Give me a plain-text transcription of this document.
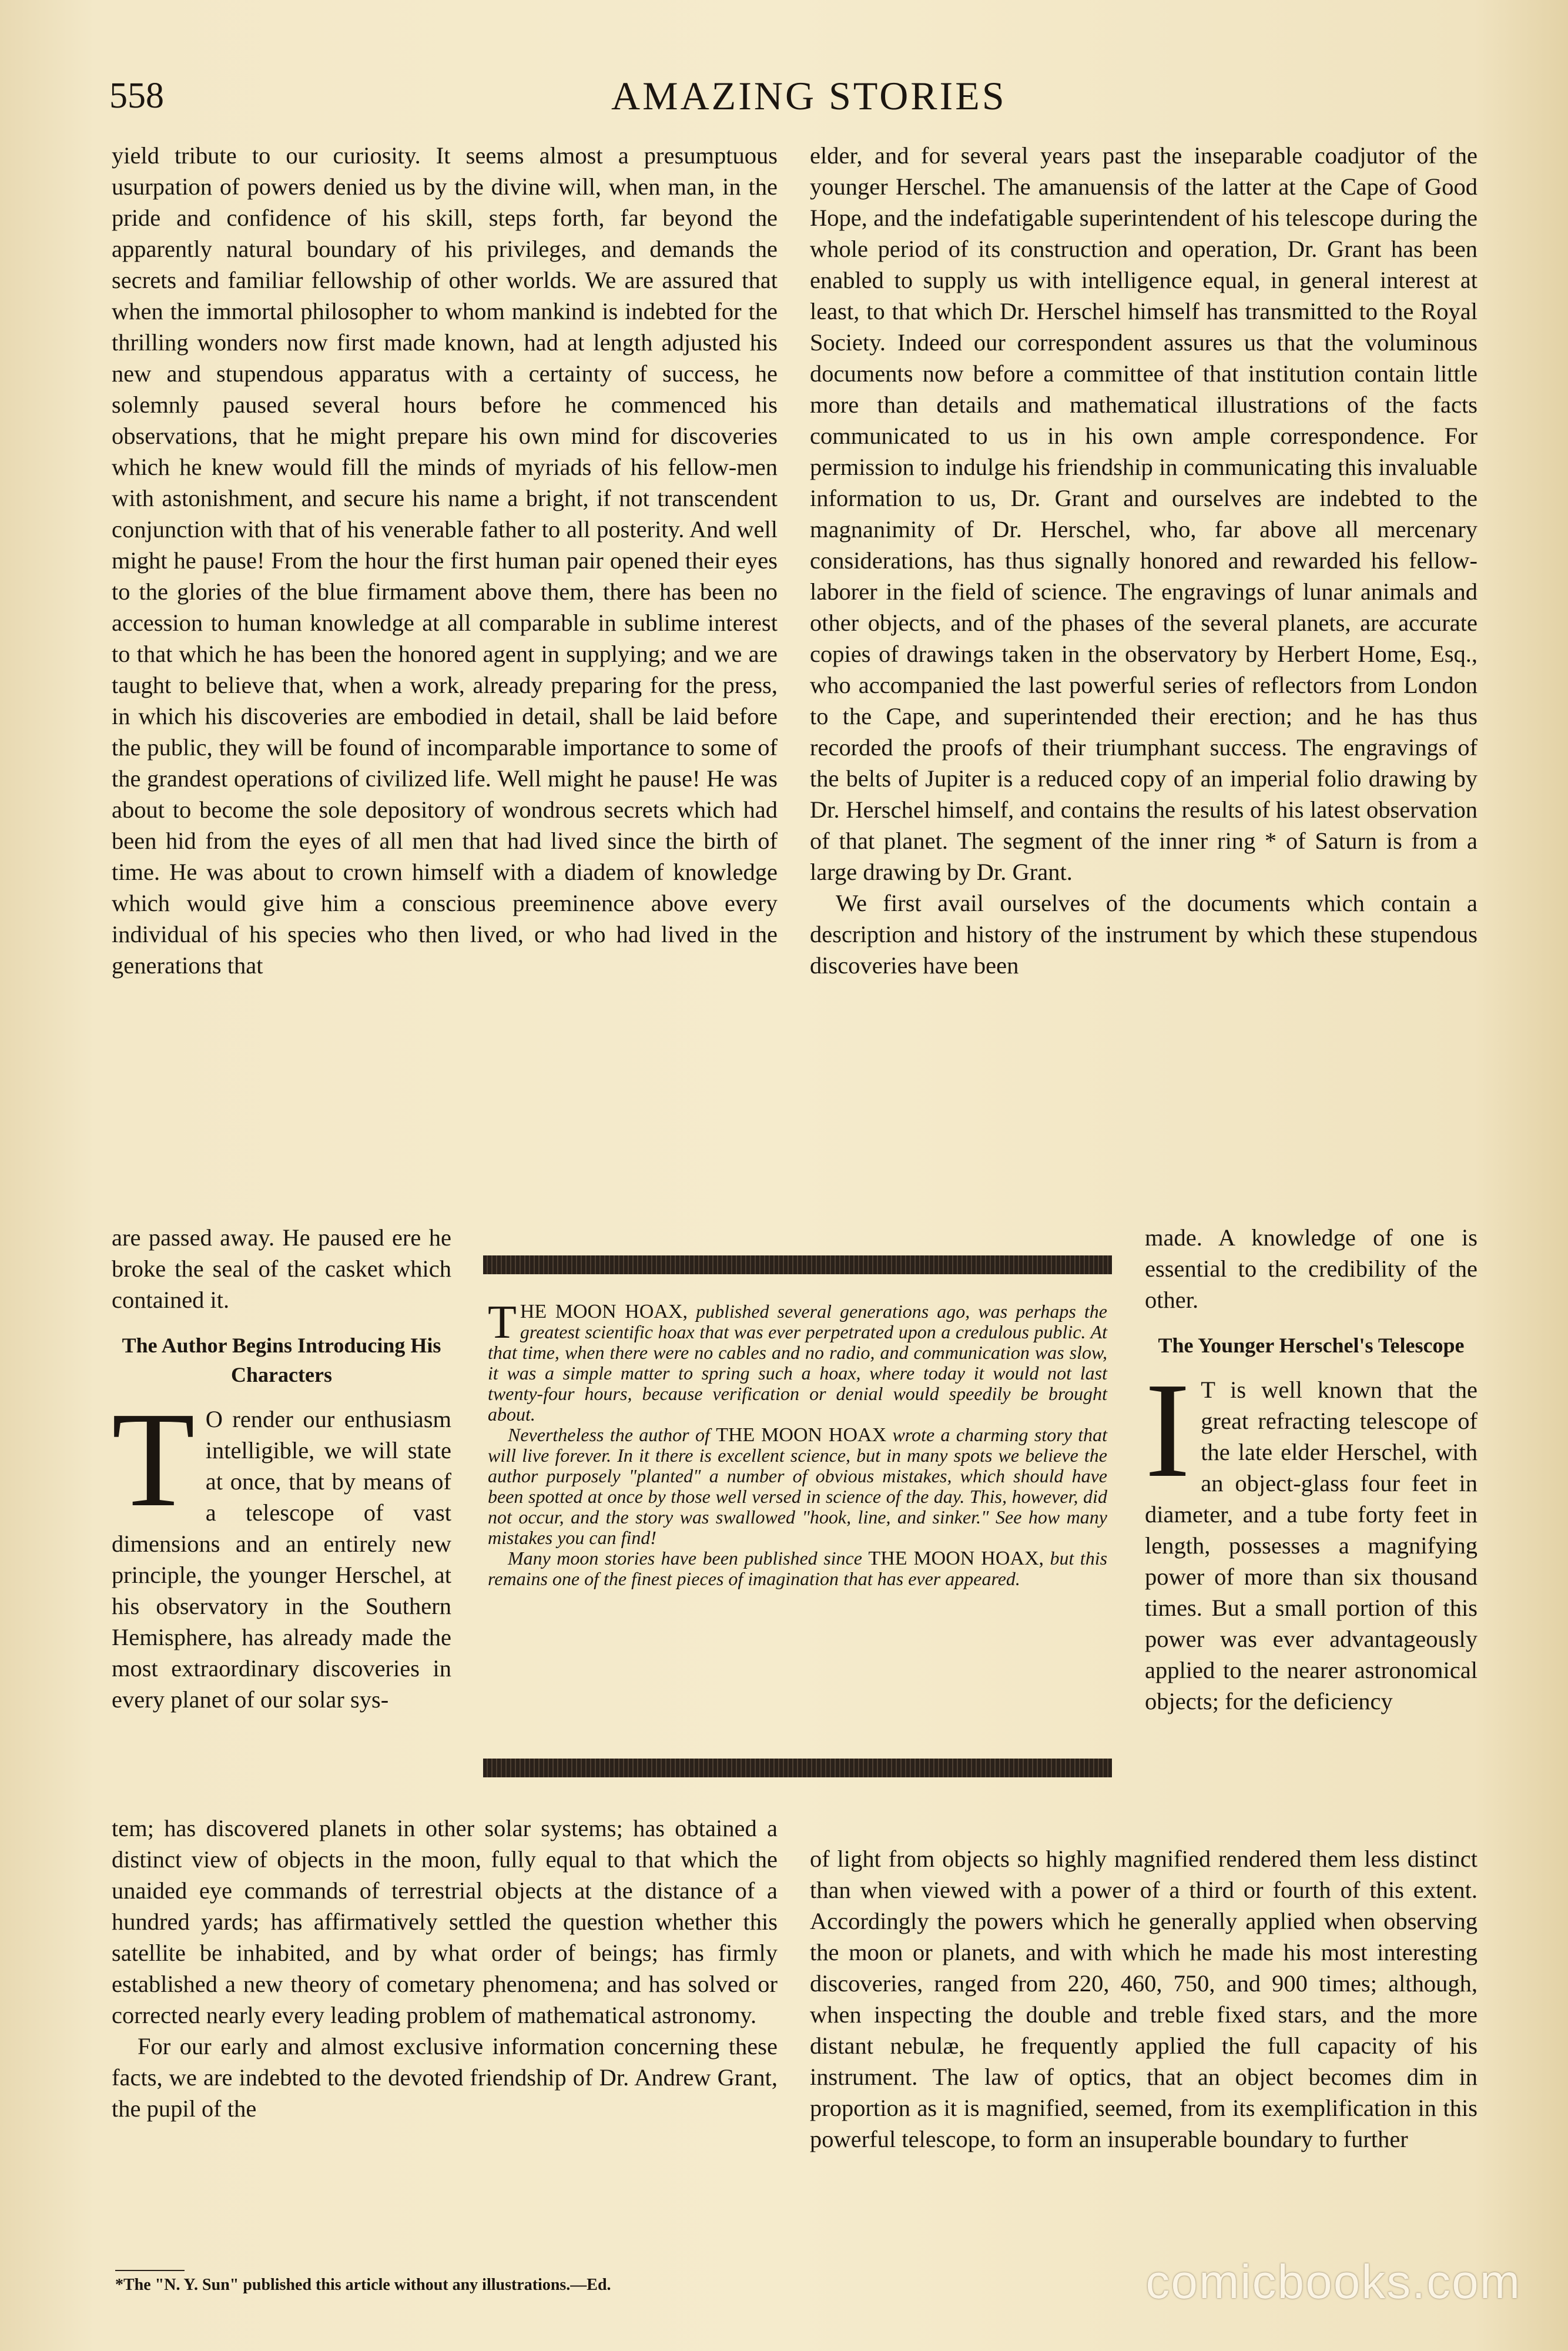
558	AMAZING STORIES

yield tribute to our curiosity. It seems almost a presumptuous usurpation of powers denied us by the divine will, when man, in the pride and confidence of his skill, steps forth, far beyond the apparently natural boundary of his privileges, and demands the secrets and familiar fellowship of other worlds. We are assured that when the immortal philosopher to whom mankind is indebted for the thrilling wonders now first made known, had at length adjusted his new and stupendous apparatus with a certainty of success, he solemnly paused several hours before he commenced his observations, that he might prepare his own mind for discoveries which he knew would fill the minds of myriads of his fellow-men with astonishment, and secure his name a bright, if not transcendent conjunction with that of his venerable father to all posterity. And well might he pause! From the hour the first human pair opened their eyes to the glories of the blue firmament above them, there has been no accession to human knowledge at all comparable in sublime interest to that which he has been the honored agent in supplying; and we are taught to believe that, when a work, already preparing for the press, in which his discoveries are embodied in detail, shall be laid before the public, they will be found of incomparable importance to some of the grandest operations of civilized life. Well might he pause! He was about to become the sole depository of wondrous secrets which had been hid from the eyes of all men that had lived since the birth of time. He was about to crown himself with a diadem of knowledge which would give him a conscious preeminence above every individual of his species who then lived, or who had lived in the generations that

are passed away. He paused ere he broke the seal of the casket which contained it.

The Author Begins Introducing His Characters

T O render our enthusiasm intelligible, we will state at once, that by means of a telescope of vast dimensions and an entirely new principle, the younger Herschel, at his observatory in the Southern Hemisphere, has already made the most extraordinary discoveries in every planet of our solar sys-

tem; has discovered planets in other solar systems; has obtained a distinct view of objects in the moon, fully equal to that which the unaided eye commands of terrestrial objects at the distance of a hundred yards; has affirmatively settled the question whether this satellite be inhabited, and by what order of beings; has firmly established a new theory of cometary phenomena; and has solved or corrected nearly every leading problem of mathematical astronomy.

For our early and almost exclusive information concerning these facts, we are indebted to the devoted friendship of Dr. Andrew Grant, the pupil of the

elder, and for several years past the inseparable coadjutor of the younger Herschel. The amanuensis of the latter at the Cape of Good Hope, and the indefatigable superintendent of his telescope during the whole period of its construction and operation, Dr. Grant has been enabled to supply us with intelligence equal, in general interest at least, to that which Dr. Herschel himself has transmitted to the Royal Society. Indeed our correspondent assures us that the voluminous documents now before a committee of that institution contain little more than details and mathematical illustrations of the facts communicated to us in his own ample correspondence. For permission to indulge his friendship in communicating this invaluable information to us, Dr. Grant and ourselves are indebted to the magnanimity of Dr. Herschel, who, far above all mercenary considerations, has thus signally honored and rewarded his fellow-laborer in the field of science. The engravings of lunar animals and other objects, and of the phases of the several planets, are accurate copies of drawings taken in the observatory by Herbert Home, Esq., who accompanied the last powerful series of reflectors from London to the Cape, and superintended their erection; and he has thus recorded the proofs of their triumphant success. The engravings of the belts of Jupiter is a reduced copy of an imperial folio drawing by Dr. Herschel himself, and contains the results of his latest observation of that planet. The segment of the inner ring * of Saturn is from a large drawing by Dr. Grant.

We first avail ourselves of the documents which contain a description and history of the instrument by which these stupendous discoveries have been

made. A knowledge of one is essential to the credibility of the other.

The Younger Herschel's Telescope

I T is well known that the great refracting telescope of the late elder Herschel, with an object-glass four feet in diameter, and a tube forty feet in length, possesses a magnifying power of more than six thousand times. But a small portion of this power was ever advantageously applied to the nearer astronomical objects; for the deficiency

of light from objects so highly magnified rendered them less distinct than when viewed with a power of a third or fourth of this extent. Accordingly the powers which he generally applied when observing the moon or planets, and with which he made his most interesting discoveries, ranged from 220, 460, 750, and 900 times; although, when inspecting the double and treble fixed stars, and the more distant nebulæ, he frequently applied the full capacity of his instrument. The law of optics, that an object becomes dim in proportion as it is magnified, seemed, from its exemplification in this powerful telescope, to form an insuperable boundary to further

THE MOON HOAX, published several generations ago, was perhaps the greatest scientific hoax that was ever perpetrated upon a credulous public. At that time, when there were no cables and no radio, and communication was slow, it was a simple matter to spring such a hoax, where today it would not last twenty-four hours, because verification or denial would speedily be brought about.

Nevertheless the author of THE MOON HOAX wrote a charming story that will live forever. In it there is excellent science, but in many spots we believe the author purposely "planted" a number of obvious mistakes, which should have been spotted at once by those well versed in science of the day. This, however, did not occur, and the story was swallowed "hook, line, and sinker." See how many mistakes you can find!

Many moon stories have been published since THE MOON HOAX, but this remains one of the finest pieces of imagination that has ever appeared.

*The "N. Y. Sun" published this article without any illustrations.—Ed.	comicbooks.com
